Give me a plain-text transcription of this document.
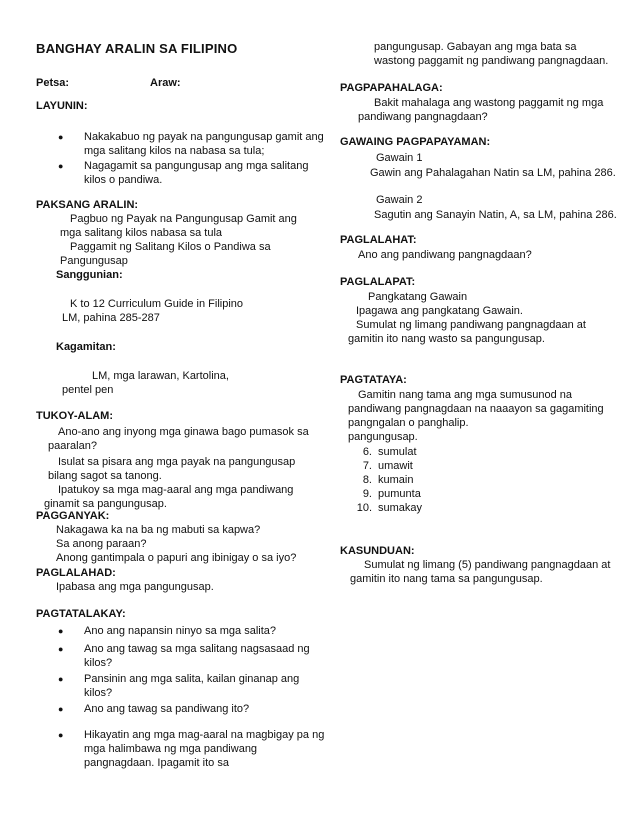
BANGHAY ARALIN SA FILIPINO
Petsa:	Araw:
LAYUNIN:
● Nakakabuo ng payak na pangungusap gamit ang
mga salitang kilos na nabasa sa tula;
● Nagagamit sa pangungusap ang mga salitang
kilos o pandiwa.
PAKSANG ARALIN:
Pagbuo ng Payak na Pangungusap Gamit ang
mga salitang kilos nabasa sa tula
Paggamit ng Salitang Kilos o Pandiwa sa
Pangungusap
Sanggunian:
K to 12 Curriculum Guide in Filipino
LM, pahina 285-287
Kagamitan:
LM, mga larawan, Kartolina,
pentel pen
TUKOY-ALAM:
Ano-ano ang inyong mga ginawa bago pumasok sa
paaralan?
Isulat sa pisara ang mga payak na pangungusap
bilang sagot sa tanong.
Ipatukoy sa mga mag-aaral ang mga pandiwang
ginamit sa pangungusap.
PAGGANYAK:
Nakagawa ka na ba ng mabuti sa kapwa?
Sa anong paraan?
Anong gantimpala o papuri ang ibinigay o sa iyo?
PAGLALAHAD:
Ipabasa ang mga pangungusap.
PAGTATALAKAY:
● Ano ang napansin ninyo sa mga salita?
● Ano ang tawag sa mga salitang nagsasaad ng
kilos?
● Pansinin ang mga salita, kailan ginanap ang
kilos?
● Ano ang tawag sa pandiwang ito?
● Hikayatin ang mga mag-aaral na magbigay pa ng
mga halimbawa ng mga pandiwang
pangnagdaan. Ipagamit ito sa
pangungusap. Gabayan ang mga bata sa
wastong paggamit ng pandiwang pangnagdaan.
PAGPAPAHALAGA:
Bakit mahalaga ang wastong paggamit ng mga
pandiwang pangnagdaan?
GAWAING PAGPAPAYAMAN:
Gawain 1
Gawin ang Pahalagahan Natin sa LM, pahina 286.
Gawain 2
Sagutin ang Sanayin Natin, A, sa LM, pahina 286.
PAGLALAHAT:
Ano ang pandiwang pangnagdaan?
PAGLALAPAT:
Pangkatang Gawain
Ipagawa ang pangkatang Gawain.
Sumulat ng limang pandiwang pangnagdaan at
gamitin ito nang wasto sa pangungusap.
PAGTATAYA:
Gamitin nang tama ang mga sumusunod na
pandiwang pangnagdaan na naaayon sa gagamiting
pangngalan o panghalip.
pangungusap.
6. sumulat
7. umawit
8. kumain
9. pumunta
10. sumakay
KASUNDUAN:
Sumulat ng limang (5) pandiwang pangnagdaan at
gamitin ito nang tama sa pangungusap.
